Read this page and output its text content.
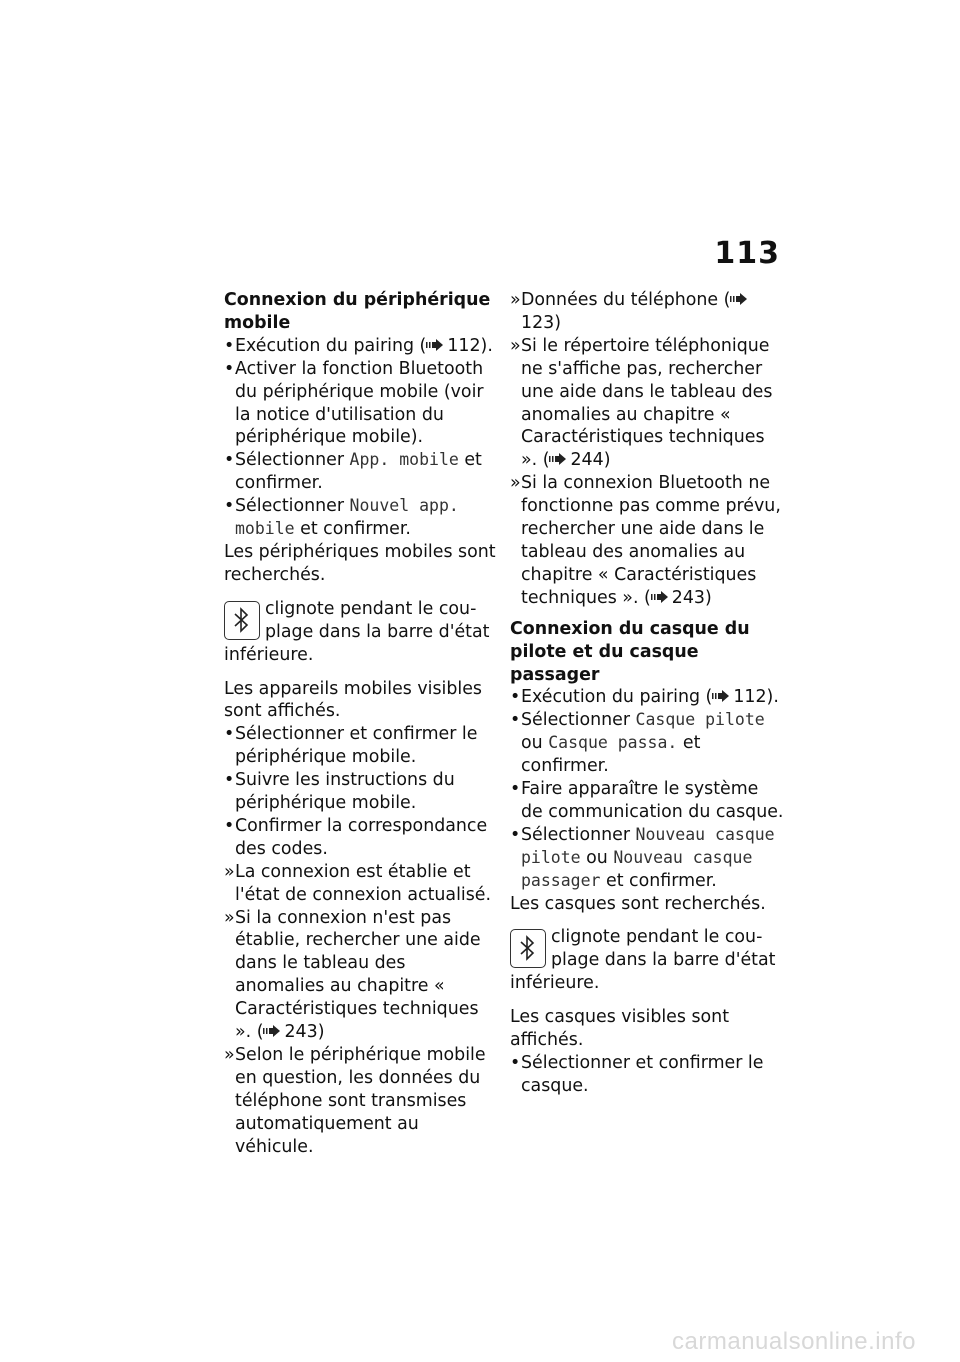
113

Connexion du périphérique mobile

• Exécution du pairing ( 112).

• Activer la fonction Bluetooth du périphérique mobile (voir la notice d'utilisation du périphérique mobile).

• Sélectionner App. mobile et confirmer.

• Sélectionner Nouvel app. mobile et confirmer.

Les périphériques mobiles sont recherchés.

clignote pendant le cou-
plage dans la barre d'état
inférieure.

Les appareils mobiles visibles sont affichés.

• Sélectionner et confirmer le périphérique mobile.

• Suivre les instructions du périphérique mobile.

• Confirmer la correspondance des codes.

» La connexion est établie et l'état de connexion actualisé.

» Si la connexion n'est pas établie, rechercher une aide dans le tableau des anomalies au chapitre « Caractéristiques techniques ». ( 243)

» Selon le périphérique mobile en question, les données du téléphone sont transmises automatiquement au véhicule.

» Données du téléphone (123)

» Si le répertoire téléphonique ne s'affiche pas, rechercher une aide dans le tableau des anomalies au chapitre « Caractéristiques techniques ». ( 244)

» Si la connexion Bluetooth ne fonctionne pas comme prévu, rechercher une aide dans le tableau des anomalies au chapitre « Caractéristiques techniques ». ( 243)

Connexion du casque du pilote et du casque passager

• Exécution du pairing ( 112).

• Sélectionner Casque pilote ou Casque passa. et confirmer.

• Faire apparaître le système de communication du casque.

• Sélectionner Nouveau casque pilote ou Nouveau casque passager et confirmer.

Les casques sont recherchés.

clignote pendant le cou-
plage dans la barre d'état
inférieure.

Les casques visibles sont affichés.

• Sélectionner et confirmer le casque.

carmanualsonline.info
